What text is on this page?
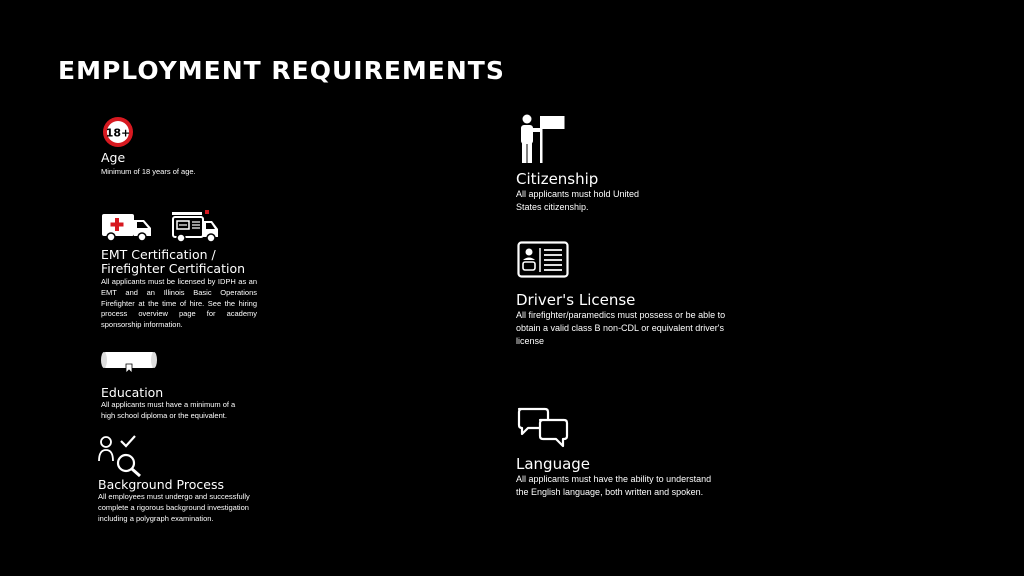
EMPLOYMENT REQUIREMENTS
18+
Age
Minimum of 18 years of age.
EMT Certification /
Firefighter Certification
All applicants must be licensed by IDPH as an EMT and an Illinois Basic Operations Firefighter at the time of hire. See the hiring process overview page for academy sponsorship information.
Education
All applicants must have a minimum of a
high school diploma or the equivalent.
Background Process
All employees must undergo and successfully
complete a rigorous background investigation
including a polygraph examination.
Citizenship
All applicants must hold United
States citizenship.
Driver's License
All firefighter/paramedics must possess or be able to
obtain a valid class B non-CDL or equivalent driver's
license
Language
All applicants must have the ability to understand
the English language, both written and spoken.
